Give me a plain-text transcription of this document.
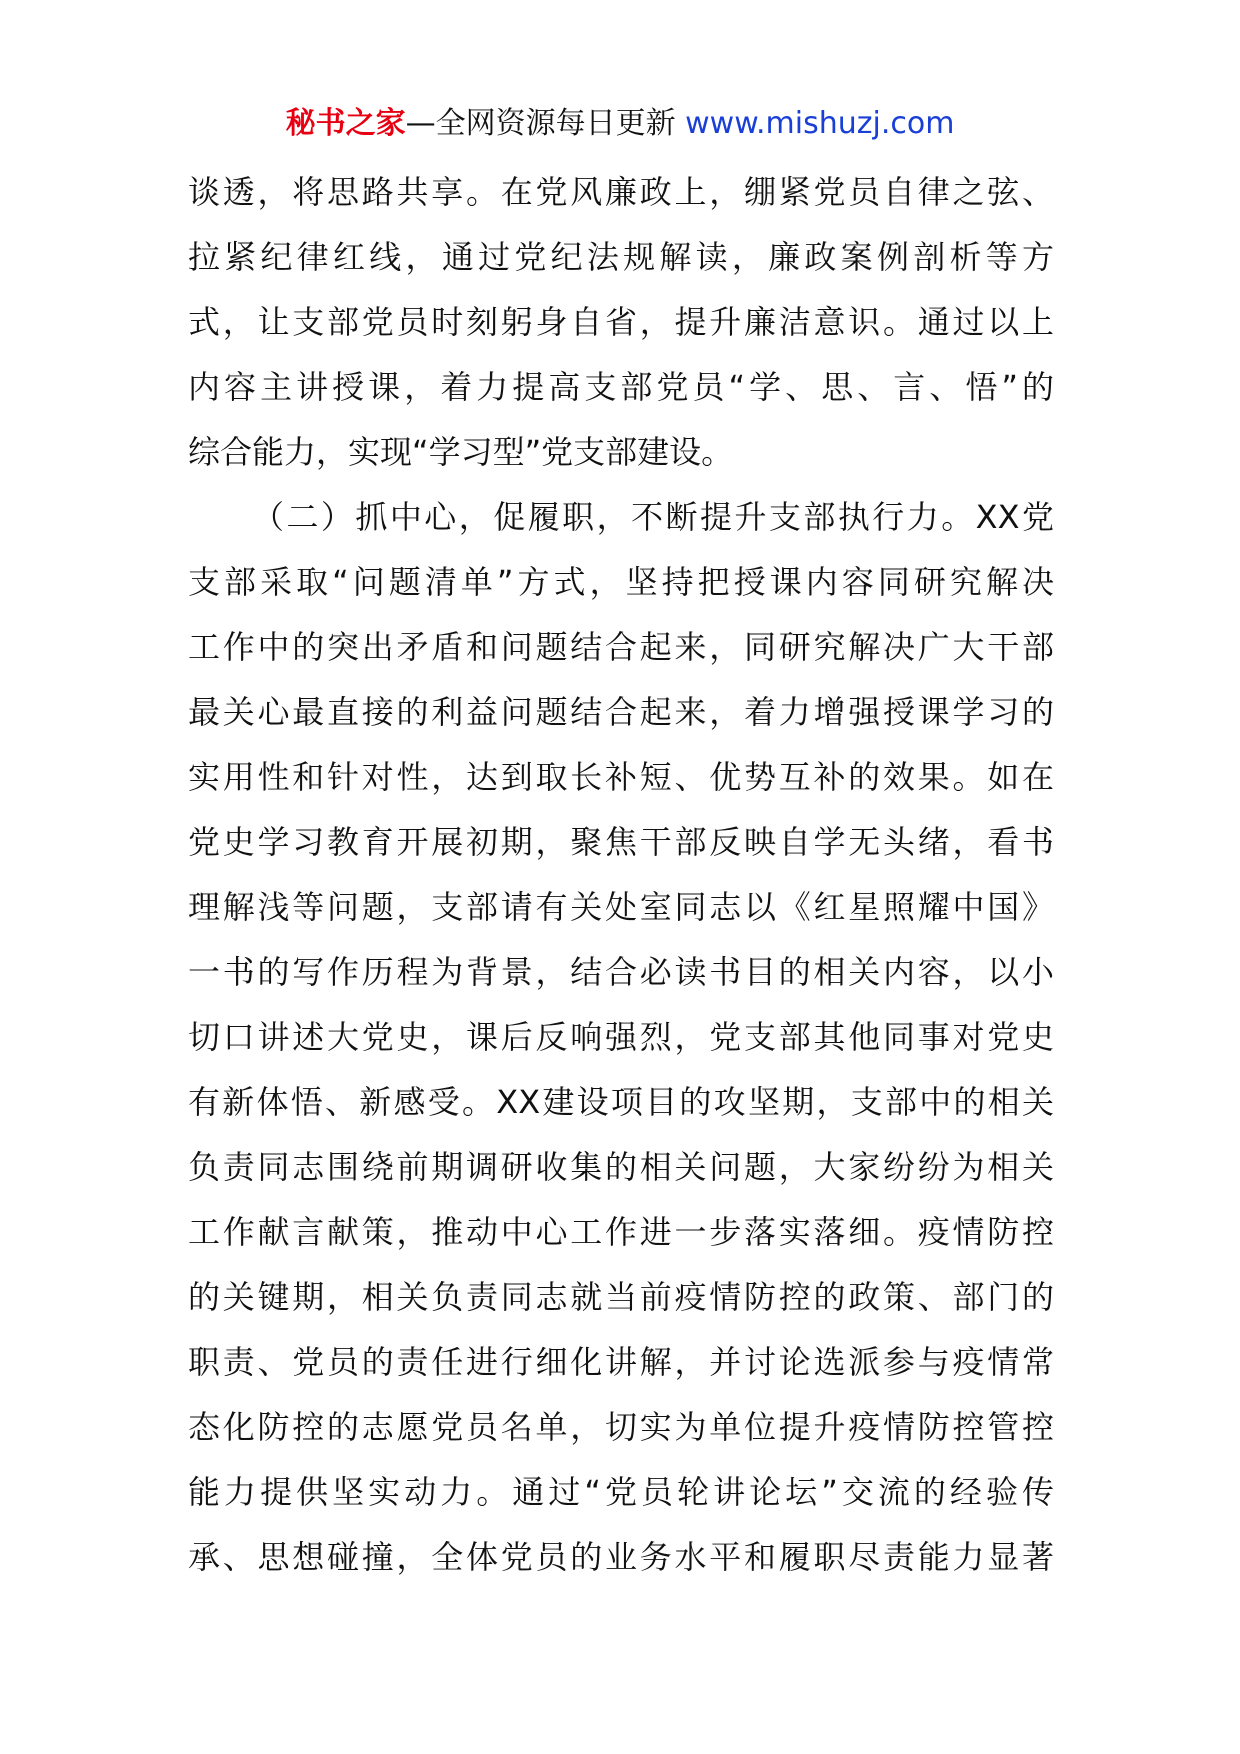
秘书之家—全网资源每日更新 www.mishuzj.com
谈透，将思路共享。在党风廉政上，绷紧党员自律之弦、
拉紧纪律红线，通过党纪法规解读，廉政案例剖析等方
式，让支部党员时刻躬身自省，提升廉洁意识。通过以上
内容主讲授课，着力提高支部党员“学、思、言、悟”的
综合能力，实现“学习型”党支部建设。
（二）抓中心，促履职，不断提升支部执行力。XX党
支部采取“问题清单”方式，坚持把授课内容同研究解决
工作中的突出矛盾和问题结合起来，同研究解决广大干部
最关心最直接的利益问题结合起来，着力增强授课学习的
实用性和针对性，达到取长补短、优势互补的效果。如在
党史学习教育开展初期，聚焦干部反映自学无头绪，看书
理解浅等问题，支部请有关处室同志以《红星照耀中国》
一书的写作历程为背景，结合必读书目的相关内容，以小
切口讲述大党史，课后反响强烈，党支部其他同事对党史
有新体悟、新感受。XX建设项目的攻坚期，支部中的相关
负责同志围绕前期调研收集的相关问题，大家纷纷为相关
工作献言献策，推动中心工作进一步落实落细。疫情防控
的关键期，相关负责同志就当前疫情防控的政策、部门的
职责、党员的责任进行细化讲解，并讨论选派参与疫情常
态化防控的志愿党员名单，切实为单位提升疫情防控管控
能力提供坚实动力。通过“党员轮讲论坛”交流的经验传
承、思想碰撞，全体党员的业务水平和履职尽责能力显著
